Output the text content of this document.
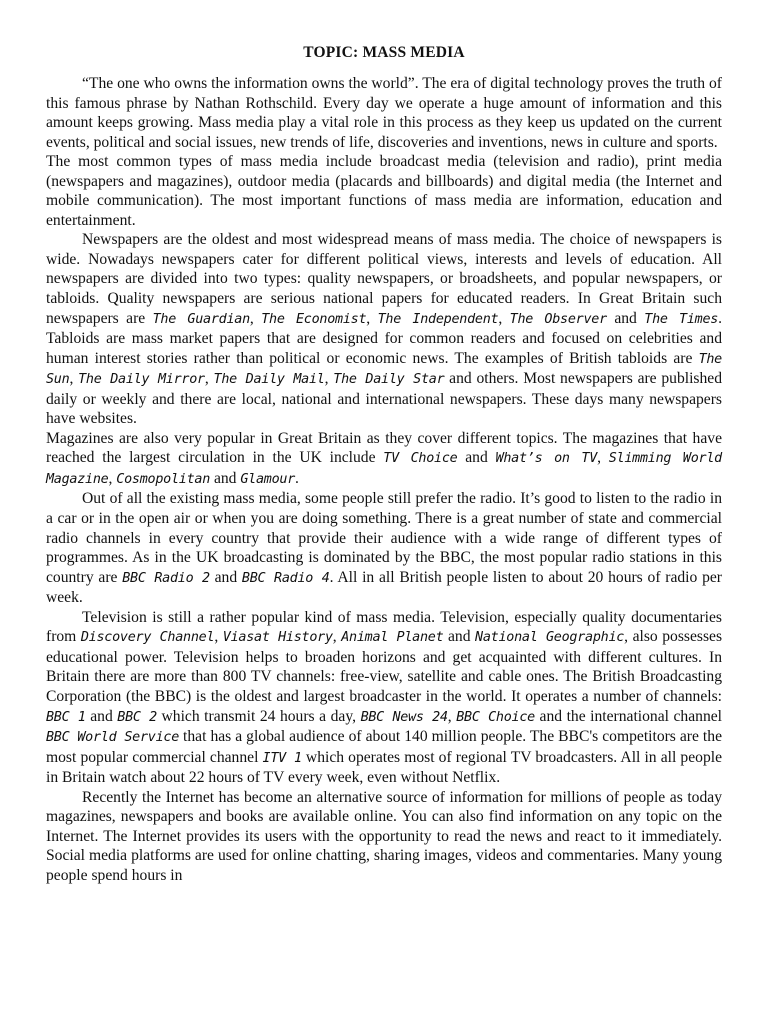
TOPIC: MASS MEDIA

“The one who owns the information owns the world”. The era of digital technology proves the truth of this famous phrase by Nathan Rothschild. Every day we operate a huge amount of information and this amount keeps growing. Mass media play a vital role in this process as they keep us updated on the current events, political and social issues, new trends of life, discoveries and inventions, news in culture and sports.

The most common types of mass media include broadcast media (television and radio), print media (newspapers and magazines), outdoor media (placards and billboards) and digital media (the Internet and mobile communication). The most important functions of mass media are information, education and entertainment.

Newspapers are the oldest and most widespread means of mass media. The choice of newspapers is wide. Nowadays newspapers cater for different political views, interests and levels of education. All newspapers are divided into two types: quality newspapers, or broadsheets, and popular newspapers, or tabloids. Quality newspapers are serious national papers for educated readers. In Great Britain such newspapers are The Guardian, The Economist, The Independent, The Observer and The Times. Tabloids are mass market papers that are designed for common readers and focused on celebrities and human interest stories rather than political or economic news. The examples of British tabloids are The Sun, The Daily Mirror, The Daily Mail, The Daily Star and others. Most newspapers are published daily or weekly and there are local, national and international newspapers. These days many newspapers have websites.

Magazines are also very popular in Great Britain as they cover different topics. The magazines that have reached the largest circulation in the UK include TV Choice and What’s on TV, Slimming World Magazine, Cosmopolitan and Glamour.

Out of all the existing mass media, some people still prefer the radio. It’s good to listen to the radio in a car or in the open air or when you are doing something. There is a great number of state and commercial radio channels in every country that provide their audience with a wide range of different types of programmes. As in the UK broadcasting is dominated by the BBC, the most popular radio stations in this country are BBC Radio 2 and BBC Radio 4. All in all British people listen to about 20 hours of radio per week.

Television is still a rather popular kind of mass media. Television, especially quality documentaries from Discovery Channel, Viasat History, Animal Planet and National Geographic, also possesses educational power. Television helps to broaden horizons and get acquainted with different cultures. In Britain there are more than 800 TV channels: free-view, satellite and cable ones. The British Broadcasting Corporation (the BBC) is the oldest and largest broadcaster in the world. It operates a number of channels: BBC 1 and BBC 2 which transmit 24 hours a day, BBC News 24, BBC Choice and the international channel BBC World Service that has a global audience of about 140 million people. The BBC's competitors are the most popular commercial channel ITV 1 which operates most of regional TV broadcasters. All in all people in Britain watch about 22 hours of TV every week, even without Netflix.

Recently the Internet has become an alternative source of information for millions of people as today magazines, newspapers and books are available online. You can also find information on any topic on the Internet. The Internet provides its users with the opportunity to read the news and react to it immediately. Social media platforms are used for online chatting, sharing images, videos and commentaries. Many young people spend hours in
